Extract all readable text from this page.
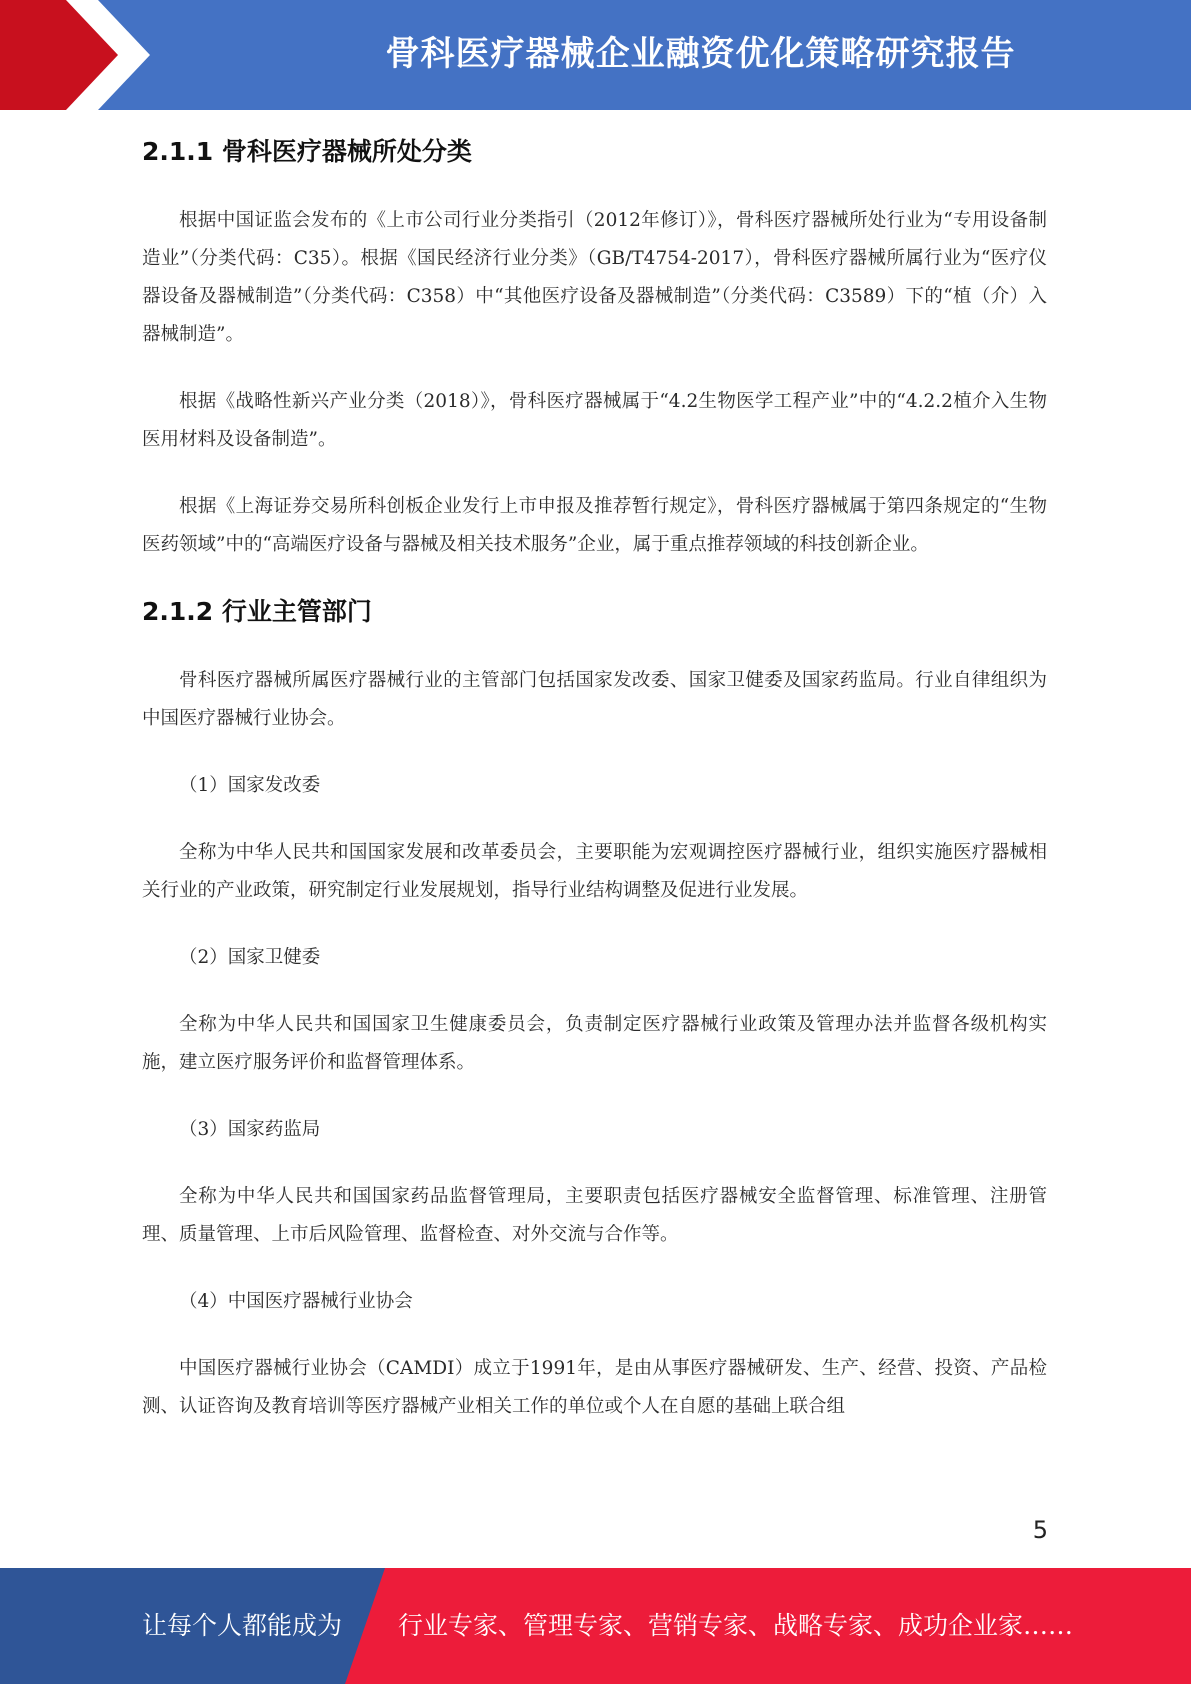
骨科医疗器械企业融资优化策略研究报告
2.1.1 骨科医疗器械所处分类

根据中国证监会发布的《上市公司行业分类指引（2012年修订）》，骨科医疗器械所处行业为“专用设备制造业”（分类代码：C35）。根据《国民经济行业分类》（GB/T4754-2017），骨科医疗器械所属行业为“医疗仪器设备及器械制造”（分类代码：C358）中“其他医疗设备及器械制造”（分类代码：C3589）下的“植（介）入器械制造”。

根据《战略性新兴产业分类（2018）》，骨科医疗器械属于“4.2生物医学工程产业”中的“4.2.2植介入生物医用材料及设备制造”。

根据《上海证券交易所科创板企业发行上市申报及推荐暂行规定》，骨科医疗器械属于第四条规定的“生物医药领域”中的“高端医疗设备与器械及相关技术服务”企业，属于重点推荐领域的科技创新企业。

2.1.2 行业主管部门

骨科医疗器械所属医疗器械行业的主管部门包括国家发改委、国家卫健委及国家药监局。行业自律组织为中国医疗器械行业协会。

（1）国家发改委

全称为中华人民共和国国家发展和改革委员会，主要职能为宏观调控医疗器械行业，组织实施医疗器械相关行业的产业政策，研究制定行业发展规划，指导行业结构调整及促进行业发展。

（2）国家卫健委

全称为中华人民共和国国家卫生健康委员会，负责制定医疗器械行业政策及管理办法并监督各级机构实施，建立医疗服务评价和监督管理体系。

（3）国家药监局

全称为中华人民共和国国家药品监督管理局，主要职责包括医疗器械安全监督管理、标准管理、注册管理、质量管理、上市后风险管理、监督检查、对外交流与合作等。

（4）中国医疗器械行业协会

中国医疗器械行业协会（CAMDI）成立于1991年，是由从事医疗器械研发、生产、经营、投资、产品检测、认证咨询及教育培训等医疗器械产业相关工作的单位或个人在自愿的基础上联合组

5
让每个人都能成为 行业专家、管理专家、营销专家、战略专家、成功企业家……
